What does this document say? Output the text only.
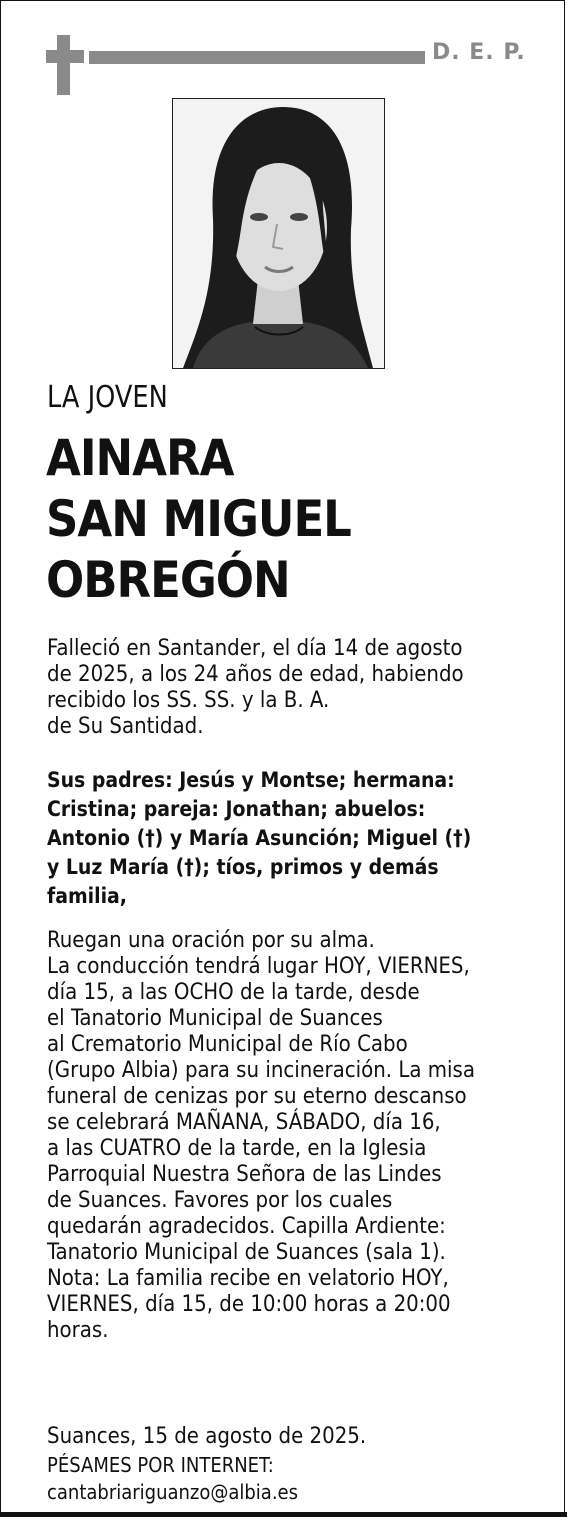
D. E. P.
LA JOVEN
AINARA
SAN MIGUEL
OBREGÓN
Falleció en Santander, el día 14 de agosto
de 2025, a los 24 años de edad, habiendo
recibido los SS. SS. y la B. A.
de Su Santidad.
Sus padres: Jesús y Montse; hermana:
Cristina; pareja: Jonathan; abuelos:
Antonio (†) y María Asunción; Miguel (†)
y Luz María (†); tíos, primos y demás
familia,
Ruegan una oración por su alma.
La conducción tendrá lugar HOY, VIERNES,
día 15, a las OCHO de la tarde, desde
el Tanatorio Municipal de Suances
al Crematorio Municipal de Río Cabo
(Grupo Albia) para su incineración. La misa
funeral de cenizas por su eterno descanso
se celebrará MAÑANA, SÁBADO, día 16,
a las CUATRO de la tarde, en la Iglesia
Parroquial Nuestra Señora de las Lindes
de Suances. Favores por los cuales
quedarán agradecidos. Capilla Ardiente:
Tanatorio Municipal de Suances (sala 1).
Nota: La familia recibe en velatorio HOY,
VIERNES, día 15, de 10:00 horas a 20:00
horas.
Suances, 15 de agosto de 2025.
PÉSAMES POR INTERNET:
cantabriariguanzo@albia.es
